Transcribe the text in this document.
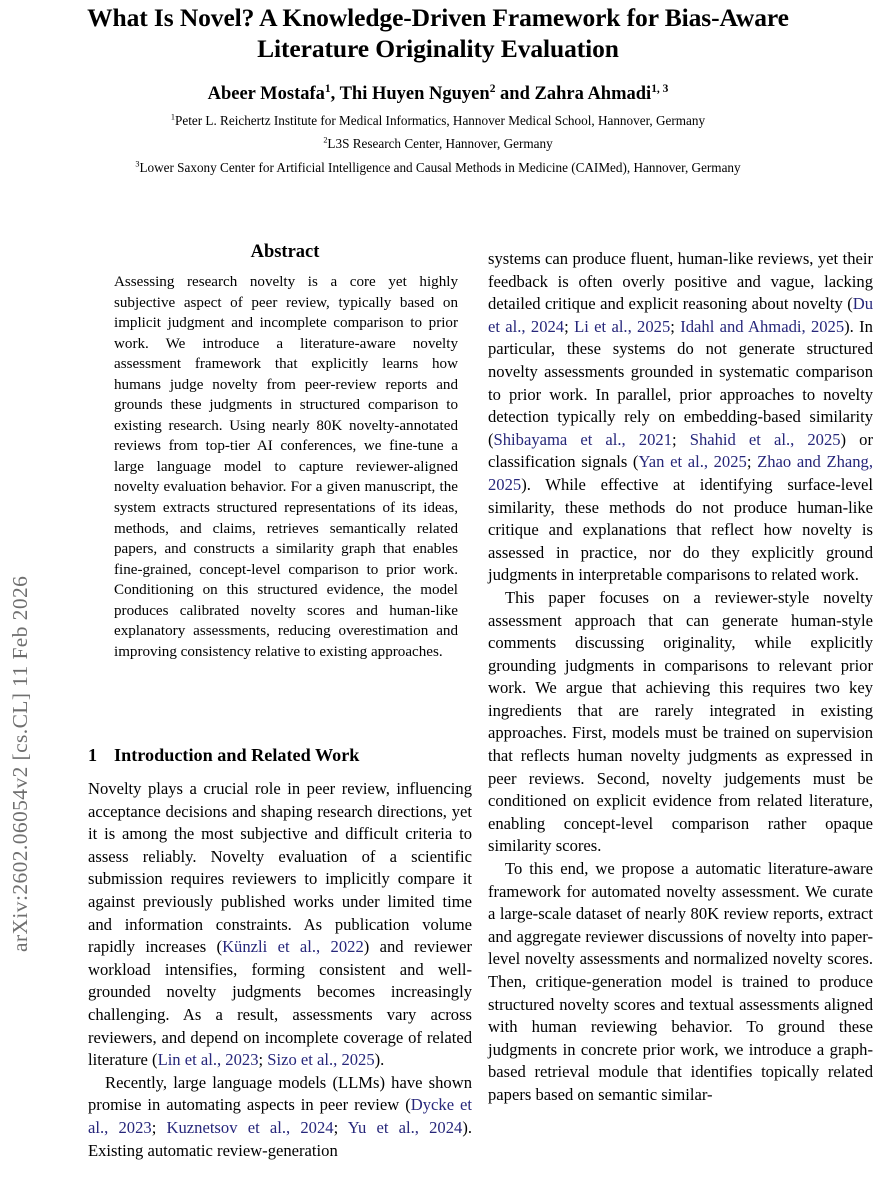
arXiv:2602.06054v2 [cs.CL] 11 Feb 2026
What Is Novel? A Knowledge-Driven Framework for Bias-Aware
Literature Originality Evaluation
Abeer Mostafa$^1$, Thi Huyen Nguyen$^2$ and Zahra Ahmadi$^{1, 3}$
$^1$Peter L. Reichertz Institute for Medical Informatics, Hannover Medical School, Hannover, Germany
$^2$L3S Research Center, Hannover, Germany
$^3$Lower Saxony Center for Artificial Intelligence and Causal Methods in Medicine (CAIMed), Hannover, Germany
Abstract
Assessing research novelty is a core yet highly subjective aspect of peer review, typically based on implicit judgment and incomplete comparison to prior work. We introduce a literature-aware novelty assessment framework that explicitly learns how humans judge novelty from peer-review reports and grounds these judgments in structured comparison to existing research. Using nearly 80K novelty-annotated reviews from top-tier AI conferences, we fine-tune a large language model to capture reviewer-aligned novelty evaluation behavior. For a given manuscript, the system extracts structured representations of its ideas, methods, and claims, retrieves semantically related papers, and constructs a similarity graph that enables fine-grained, concept-level comparison to prior work. Conditioning on this structured evidence, the model produces calibrated novelty scores and human-like explanatory assessments, reducing overestimation and improving consistency relative to existing approaches.
1 Introduction and Related Work

Novelty plays a crucial role in peer review, influencing acceptance decisions and shaping research directions, yet it is among the most subjective and difficult criteria to assess reliably. Novelty evaluation of a scientific submission requires reviewers to implicitly compare it against previously published works under limited time and information constraints. As publication volume rapidly increases (Künzli et al., 2022) and reviewer workload intensifies, forming consistent and well-grounded novelty judgments becomes increasingly challenging. As a result, assessments vary across reviewers, and depend on incomplete coverage of related literature (Lin et al., 2023; Sizo et al., 2025).

Recently, large language models (LLMs) have shown promise in automating aspects in peer review (Dycke et al., 2023; Kuznetsov et al., 2024; Yu et al., 2024). Existing automatic review-generation

systems can produce fluent, human-like reviews, yet their feedback is often overly positive and vague, lacking detailed critique and explicit reasoning about novelty (Du et al., 2024; Li et al., 2025; Idahl and Ahmadi, 2025). In particular, these systems do not generate structured novelty assessments grounded in systematic comparison to prior work. In parallel, prior approaches to novelty detection typically rely on embedding-based similarity (Shibayama et al., 2021; Shahid et al., 2025) or classification signals (Yan et al., 2025; Zhao and Zhang, 2025). While effective at identifying surface-level similarity, these methods do not produce human-like critique and explanations that reflect how novelty is assessed in practice, nor do they explicitly ground judgments in interpretable comparisons to related work.

This paper focuses on a reviewer-style novelty assessment approach that can generate human-style comments discussing originality, while explicitly grounding judgments in comparisons to relevant prior work. We argue that achieving this requires two key ingredients that are rarely integrated in existing approaches. First, models must be trained on supervision that reflects human novelty judgments as expressed in peer reviews. Second, novelty judgements must be conditioned on explicit evidence from related literature, enabling concept-level comparison rather opaque similarity scores.

To this end, we propose a automatic literature-aware framework for automated novelty assessment. We curate a large-scale dataset of nearly 80K review reports, extract and aggregate reviewer discussions of novelty into paper-level novelty assessments and normalized novelty scores. Then, critique-generation model is trained to produce structured novelty scores and textual assessments aligned with human reviewing behavior. To ground these judgments in concrete prior work, we introduce a graph-based retrieval module that identifies topically related papers based on semantic similar-
